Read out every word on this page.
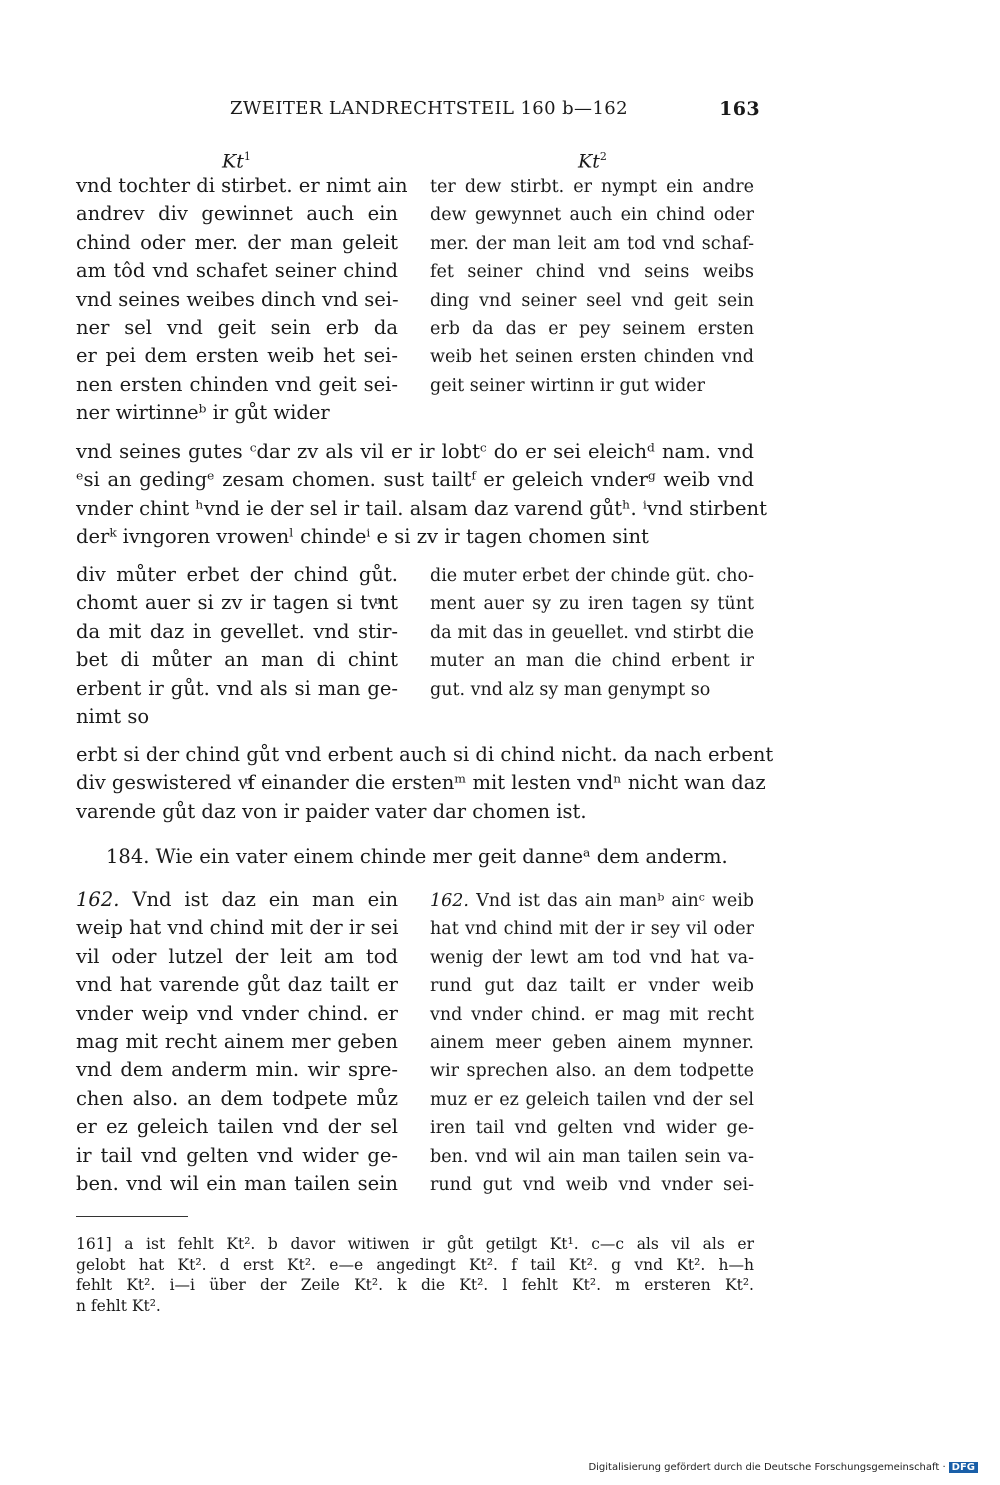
ZWEITER LANDRECHTSTEIL 160 b—162	163
Kt$^1$	Kt$^2$
vnd tochter di stirbet. er nimt ain
andrev div gewinnet auch ein
chind oder mer. der man geleit
am tôd vnd schafet seiner chind
vnd seines weibes dinch vnd sei-
ner sel vnd geit sein erb da
er pei dem ersten weib het sei-
nen ersten chinden vnd geit sei-
ner wirtinneᵇ ir gůt wider
ter dew stirbt. er nympt ein andre
dew gewynnet auch ein chind oder
mer. der man leit am tod vnd schaf-
fet seiner chind vnd seins weibs
ding vnd seiner seel vnd geit sein
erb da das er pey seinem ersten
weib het seinen ersten chinden vnd
geit seiner wirtinn ir gut wider
vnd seines gutes ᶜdar zv als vil er ir lobtᶜ do er sei eleichᵈ nam. vnd
ᵉsi an gedingᵉ zesam chomen. sust tailtᶠ er geleich vnderᵍ weib vnd
vnder chint ʰvnd ie der sel ir tail. alsam daz varend gůtʰ. ⁱvnd stirbent
derᵏ ivngoren vrowenˡ chindeⁱ e si zv ir tagen chomen sint
div můter erbet der chind gůt.
chomt auer si zv ir tagen si tvͧnt
da mit daz in gevellet. vnd stir-
bet di můter an man di chint
erbent ir gůt. vnd als si man ge-
nimt so
die muter erbet der chinde güt. cho-
ment auer sy zu iren tagen sy tünt
da mit das in geuellet. vnd stirbt die
muter an man die chind erbent ir
gut. vnd alz sy man genympt so
erbt si der chind gůt vnd erbent auch si di chind nicht. da nach erbent
div geswistered vͧf einander die erstenᵐ mit lesten vndⁿ nicht wan daz
varende gůt daz von ir paider vater dar chomen ist.
184. Wie ein vater einem chinde mer geit danneᵃ dem anderm.
162. Vnd ist daz ein man ein
weip hat vnd chind mit der ir sei
vil oder lutzel der leit am tod
vnd hat varende gůt daz tailt er
vnder weip vnd vnder chind. er
mag mit recht ainem mer geben
vnd dem anderm min. wir spre-
chen also. an dem todpete můz
er ez geleich tailen vnd der sel
ir tail vnd gelten vnd wider ge-
ben. vnd wil ein man tailen sein
162. Vnd ist das ain manᵇ ainᶜ weib
hat vnd chind mit der ir sey vil oder
wenig der lewt am tod vnd hat va-
rund gut daz tailt er vnder weib
vnd vnder chind. er mag mit recht
ainem meer geben ainem mynner.
wir sprechen also. an dem todpette
muz er ez geleich tailen vnd der sel
iren tail vnd gelten vnd wider ge-
ben. vnd wil ain man tailen sein va-
rund gut vnd weib vnd vnder sei-
161] a ist fehlt Kt². b davor witiwen ir gůt getilgt Kt¹. c—c als vil als er
gelobt hat Kt². d erst Kt². e—e angedingt Kt². f tail Kt². g vnd Kt². h—h
fehlt Kt². i—i über der Zeile Kt². k die Kt². l fehlt Kt². m ersteren Kt².
n fehlt Kt².
Digitalisierung gefördert durch die Deutsche Forschungsgemeinschaft · DFG
